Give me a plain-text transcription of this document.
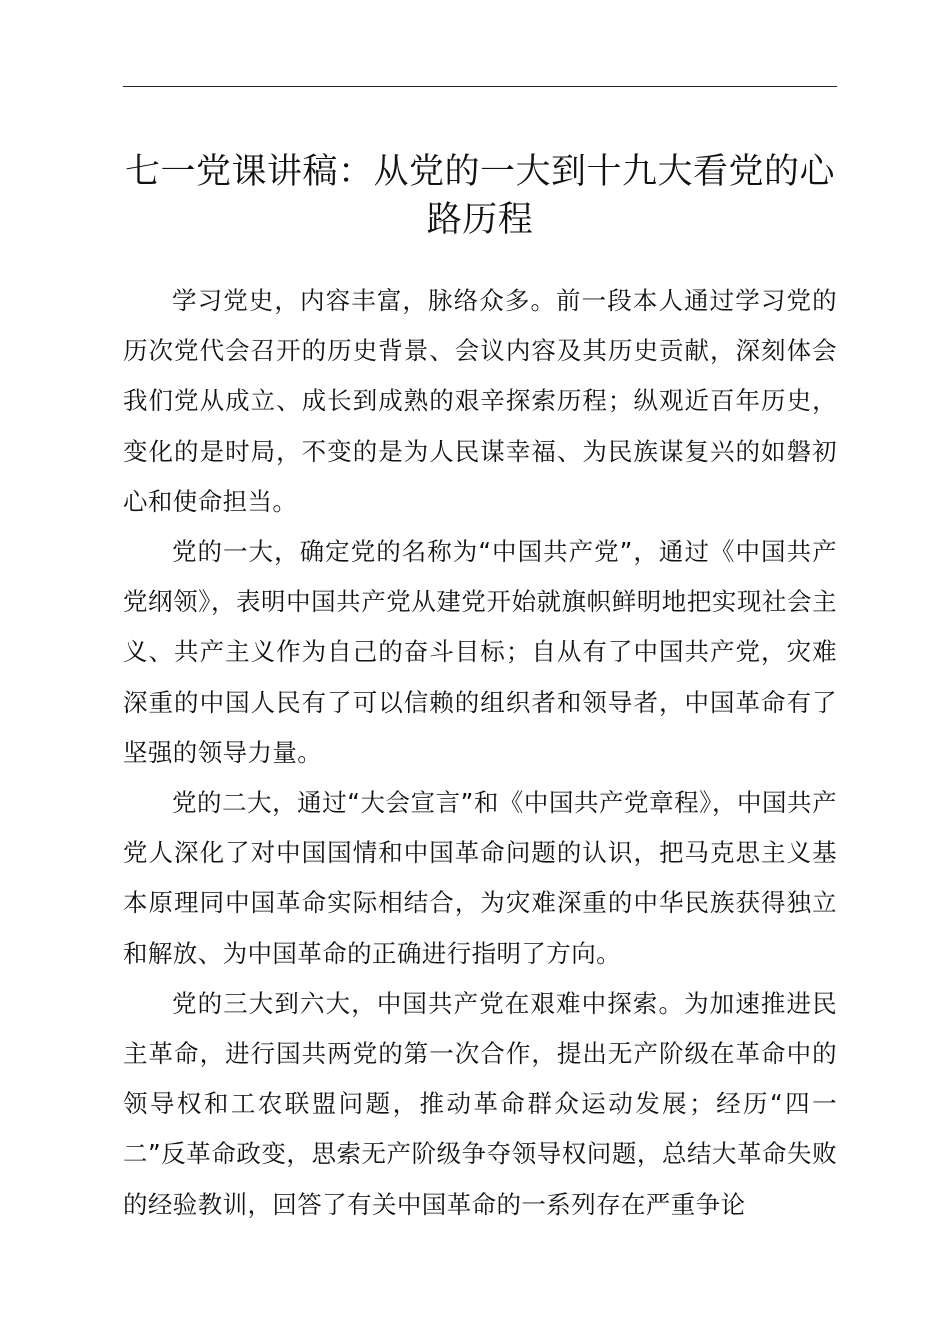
七一党课讲稿：从党的一大到十九大看党的心路历程

学习党史，内容丰富，脉络众多。前一段本人通过学习党的历次党代会召开的历史背景、会议内容及其历史贡献，深刻体会我们党从成立、成长到成熟的艰辛探索历程；纵观近百年历史，变化的是时局，不变的是为人民谋幸福、为民族谋复兴的如磐初心和使命担当。

党的一大，确定党的名称为“中国共产党”，通过《中国共产党纲领》，表明中国共产党从建党开始就旗帜鲜明地把实现社会主义、共产主义作为自己的奋斗目标；自从有了中国共产党，灾难深重的中国人民有了可以信赖的组织者和领导者，中国革命有了坚强的领导力量。

党的二大，通过“大会宣言”和《中国共产党章程》，中国共产党人深化了对中国国情和中国革命问题的认识，把马克思主义基本原理同中国革命实际相结合，为灾难深重的中华民族获得独立和解放、为中国革命的正确进行指明了方向。

党的三大到六大，中国共产党在艰难中探索。为加速推进民主革命，进行国共两党的第一次合作，提出无产阶级在革命中的领导权和工农联盟问题，推动革命群众运动发展；经历“四一二”反革命政变，思索无产阶级争夺领导权问题，总结大革命失败的经验教训，回答了有关中国革命的一系列存在严重争论
